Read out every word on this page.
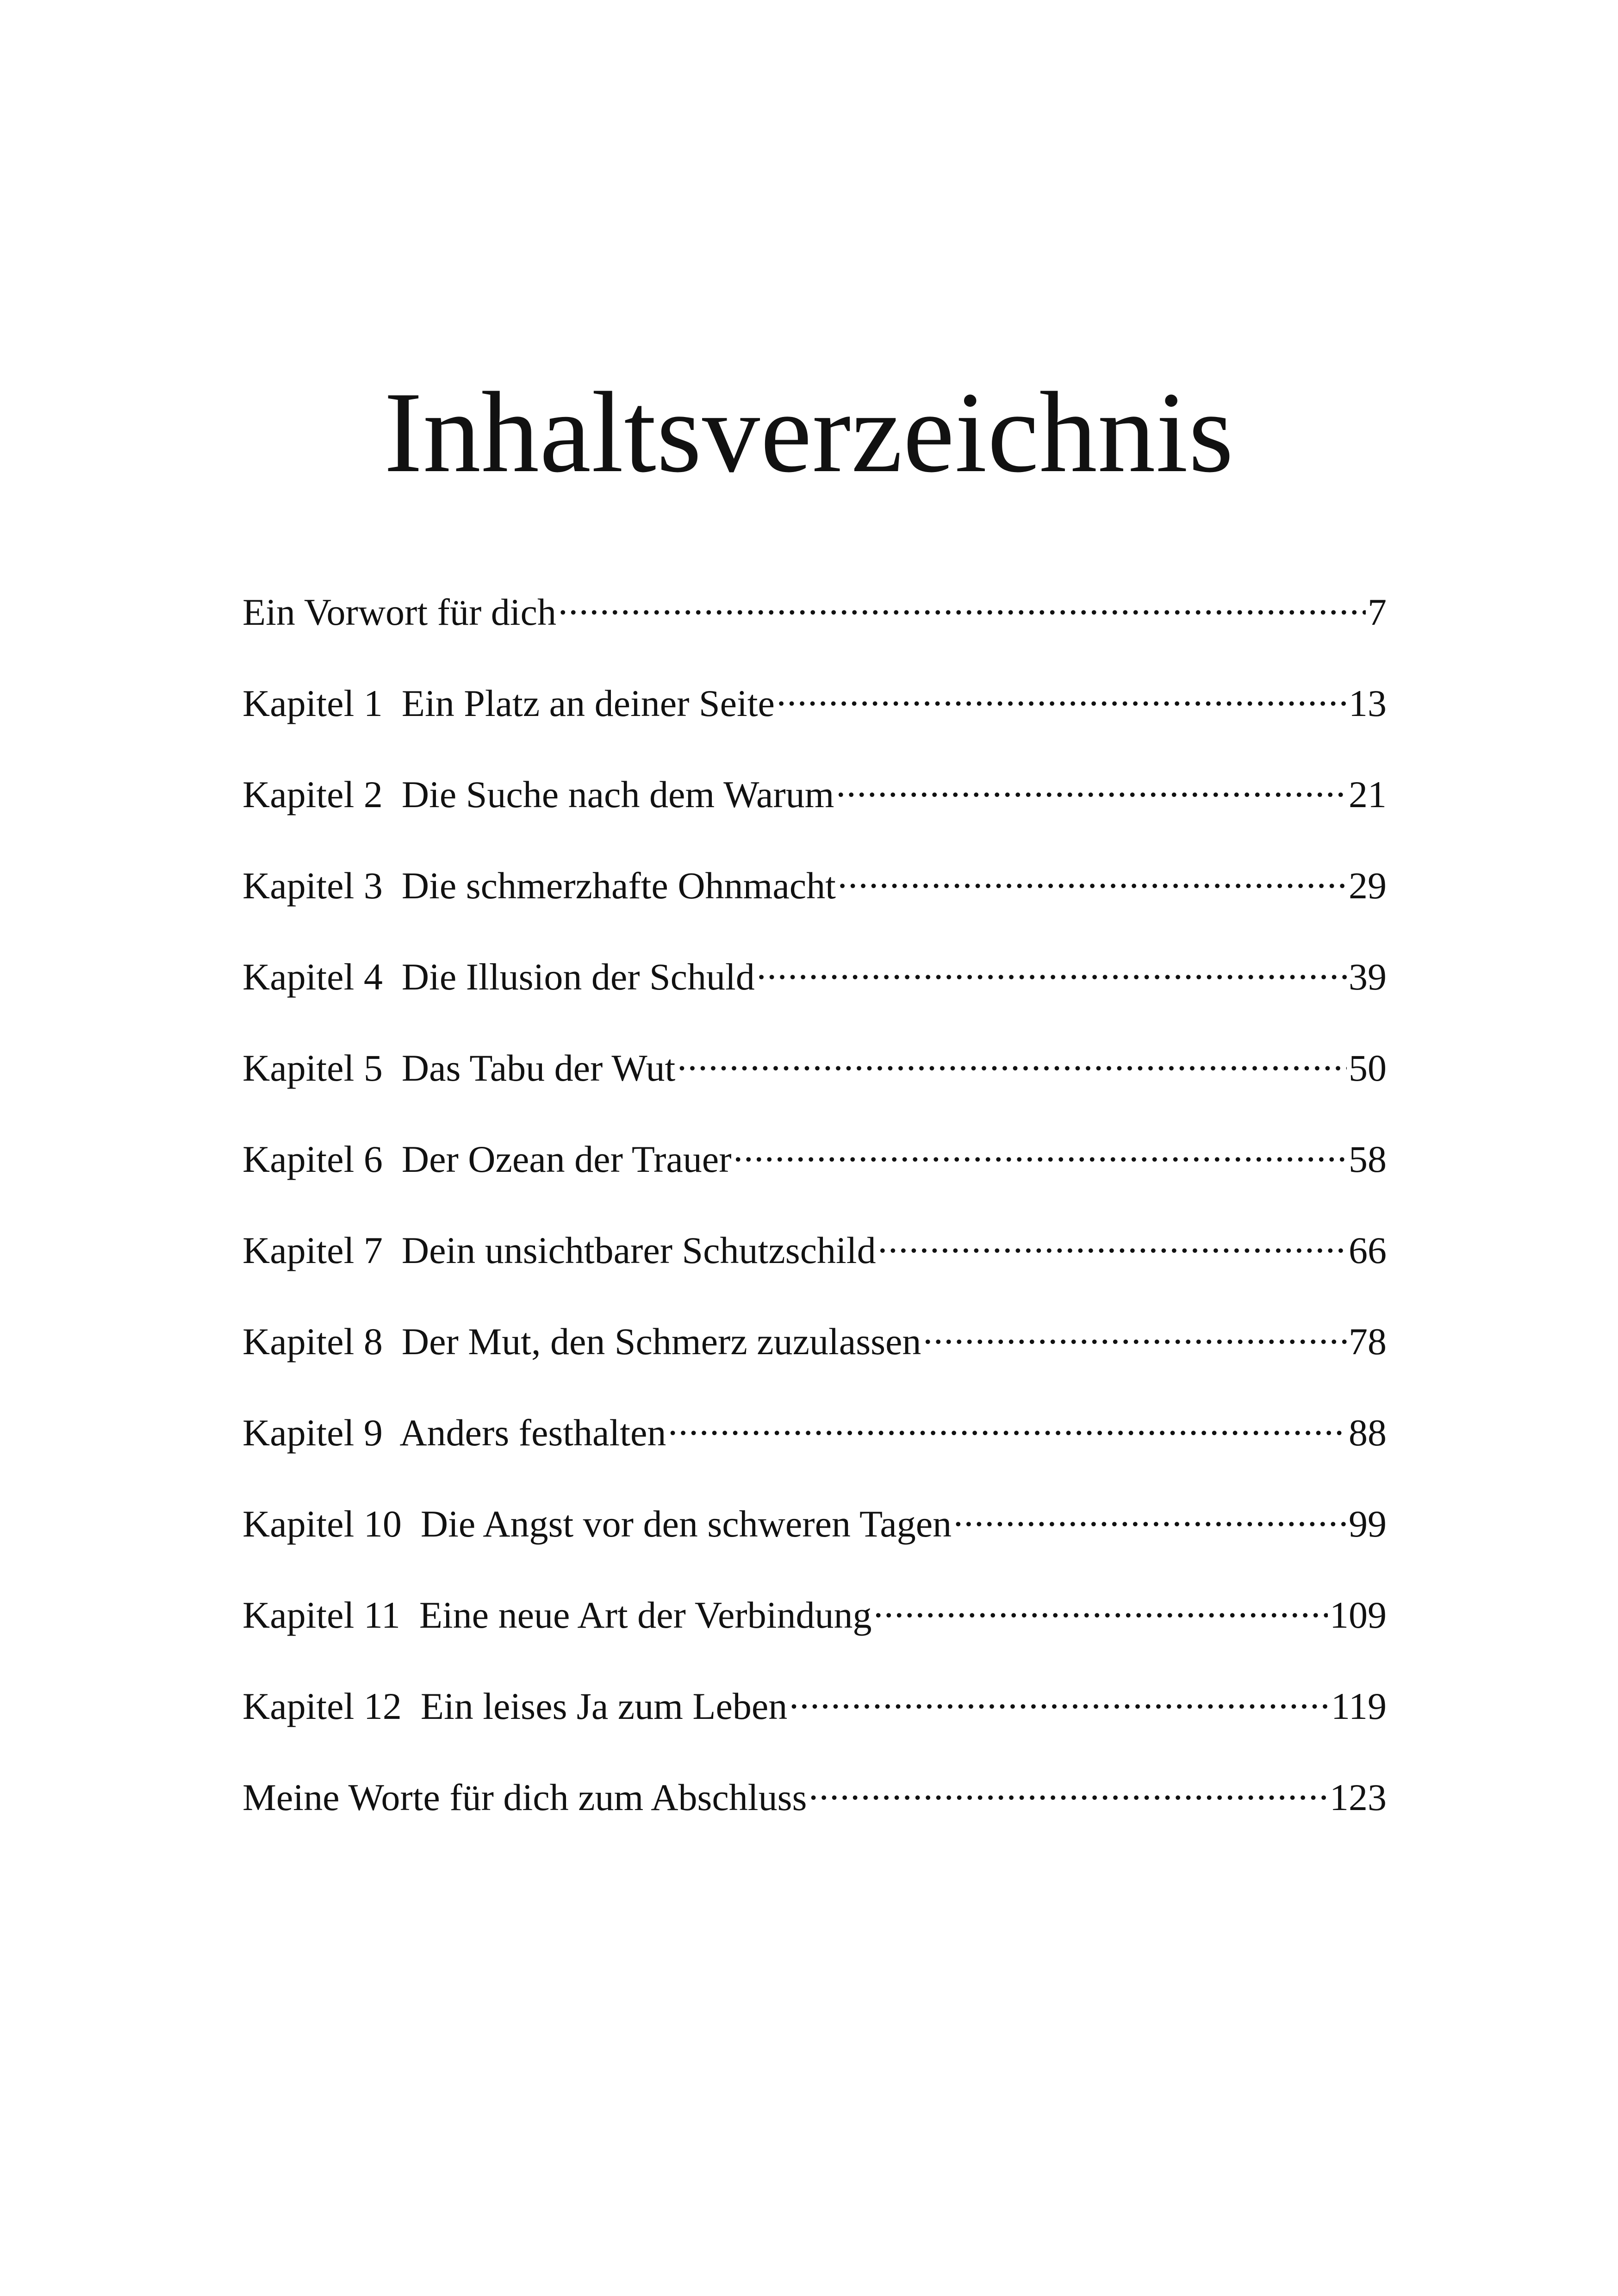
Inhaltsverzeichnis
Ein Vorwort für dich .....	7
Kapitel 1  Ein Platz an deiner Seite .....	13
Kapitel 2  Die Suche nach dem Warum .....	21
Kapitel 3  Die schmerzhafte Ohnmacht .....	29
Kapitel 4  Die Illusion der Schuld .....	39
Kapitel 5  Das Tabu der Wut .....	50
Kapitel 6  Der Ozean der Trauer .....	58
Kapitel 7  Dein unsichtbarer Schutzschild .....	66
Kapitel 8  Der Mut, den Schmerz zuzulassen .....	78
Kapitel 9  Anders festhalten .....	88
Kapitel 10  Die Angst vor den schweren Tagen .....	99
Kapitel 11  Eine neue Art der Verbindung .....	109
Kapitel 12  Ein leises Ja zum Leben .....	119
Meine Worte für dich zum Abschluss .....	123
